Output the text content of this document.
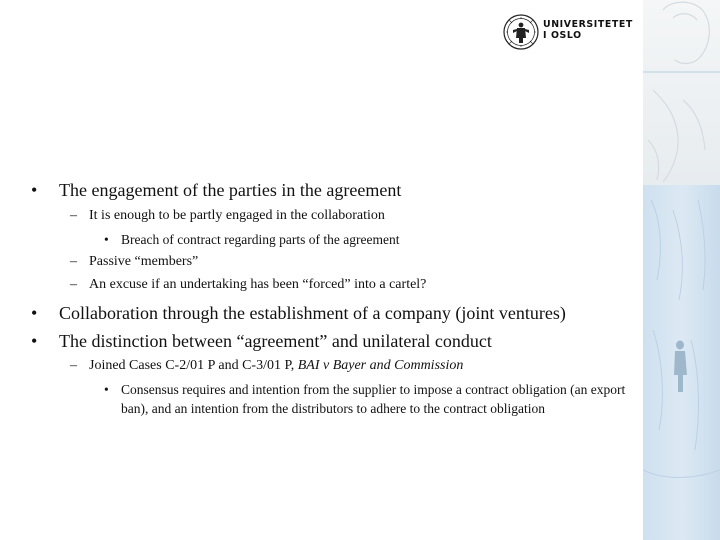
UNIVERSITETET
I OSLO
• The engagement of the parties in the agreement
– It is enough to be partly engaged in the collaboration
• Breach of contract regarding parts of the agreement
– Passive “members”
– An excuse if an undertaking has been “forced” into a cartel?
• Collaboration through the establishment of a company (joint ventures)
• The distinction between “agreement” and unilateral conduct
– Joined Cases C-2/01 P and C-3/01 P, BAI v Bayer and Commission
• Consensus requires and intention from the supplier to impose a contract obligation (an export ban), and an intention from the distributors to adhere to the contract obligation
